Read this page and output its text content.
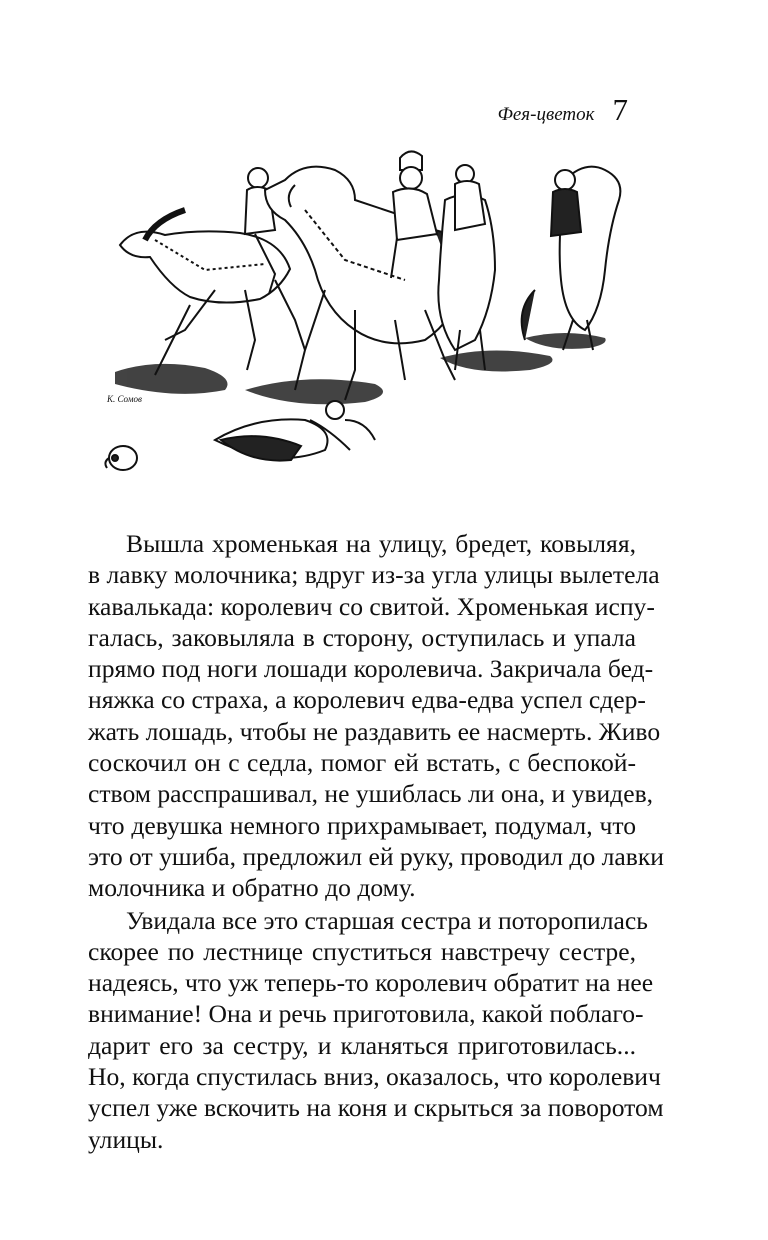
Фея-цветок 7
К. Сомов
Вышла хроменькая на улицу, бредет, ковыляя,
в лавку молочника; вдруг из-за угла улицы вылетела
кавалькада: королевич со свитой. Хроменькая испу-
галась, заковыляла в сторону, оступилась и упала
прямо под ноги лошади королевича. Закричала бед-
няжка со страха, а королевич едва-едва успел сдер-
жать лошадь, чтобы не раздавить ее насмерть. Живо
соскочил он с седла, помог ей встать, с беспокой-
ством расспрашивал, не ушиблась ли она, и увидев,
что девушка немного прихрамывает, подумал, что
это от ушиба, предложил ей руку, проводил до лавки
молочника и обратно до дому.
Увидала все это старшая сестра и поторопилась
скорее по лестнице спуститься навстречу сестре,
надеясь, что уж теперь-то королевич обратит на нее
внимание! Она и речь приготовила, какой поблаго-
дарит его за сестру, и кланяться приготовилась...
Но, когда спустилась вниз, оказалось, что королевич
успел уже вскочить на коня и скрыться за поворотом
улицы.
